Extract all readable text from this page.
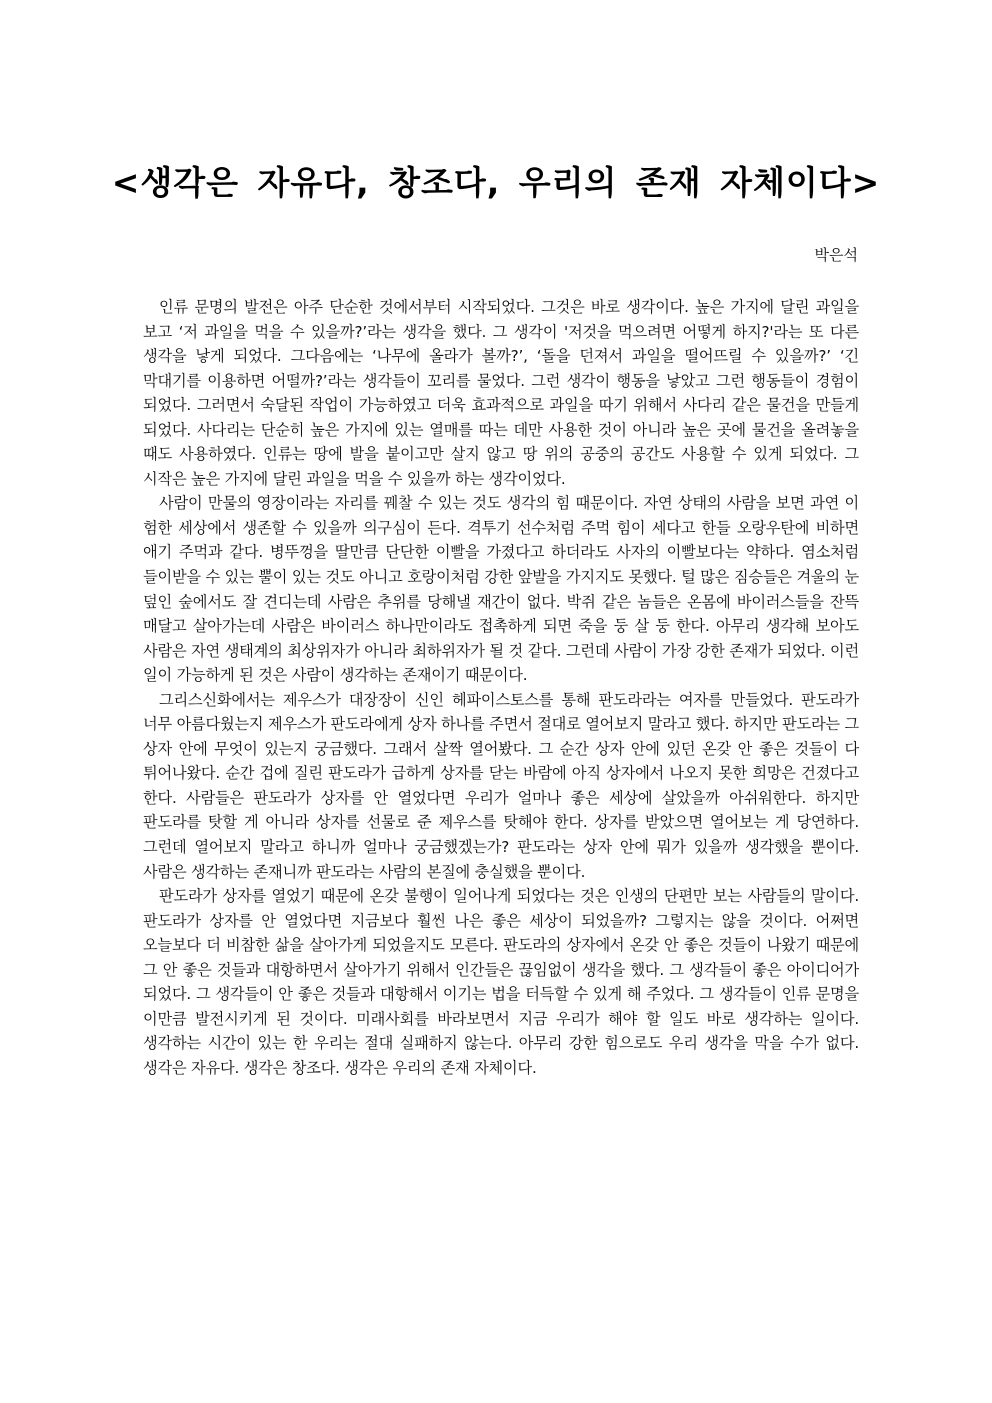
<생각은 자유다, 창조다, 우리의 존재 자체이다>
박은석

인류 문명의 발전은 아주 단순한 것에서부터 시작되었다. 그것은 바로 생각이다. 높은 가지에 달린 과일을 보고 ‘저 과일을 먹을 수 있을까?’라는 생각을 했다. 그 생각이 '저것을 먹으려면 어떻게 하지?'라는 또 다른 생각을 낳게 되었다. 그다음에는 ‘나무에 올라가 볼까?’, ‘돌을 던져서 과일을 떨어뜨릴 수 있을까?’ ‘긴 막대기를 이용하면 어떨까?’라는 생각들이 꼬리를 물었다. 그런 생각이 행동을 낳았고 그런 행동들이 경험이 되었다. 그러면서 숙달된 작업이 가능하였고 더욱 효과적으로 과일을 따기 위해서 사다리 같은 물건을 만들게 되었다. 사다리는 단순히 높은 가지에 있는 열매를 따는 데만 사용한 것이 아니라 높은 곳에 물건을 올려놓을 때도 사용하였다. 인류는 땅에 발을 붙이고만 살지 않고 땅 위의 공중의 공간도 사용할 수 있게 되었다. 그 시작은 높은 가지에 달린 과일을 먹을 수 있을까 하는 생각이었다.

사람이 만물의 영장이라는 자리를 꿰찰 수 있는 것도 생각의 힘 때문이다. 자연 상태의 사람을 보면 과연 이 험한 세상에서 생존할 수 있을까 의구심이 든다. 격투기 선수처럼 주먹 힘이 세다고 한들 오랑우탄에 비하면 애기 주먹과 같다. 병뚜껑을 딸만큼 단단한 이빨을 가졌다고 하더라도 사자의 이빨보다는 약하다. 염소처럼 들이받을 수 있는 뿔이 있는 것도 아니고 호랑이처럼 강한 앞발을 가지지도 못했다. 털 많은 짐승들은 겨울의 눈 덮인 숲에서도 잘 견디는데 사람은 추위를 당해낼 재간이 없다. 박쥐 같은 놈들은 온몸에 바이러스들을 잔뜩 매달고 살아가는데 사람은 바이러스 하나만이라도 접촉하게 되면 죽을 둥 살 둥 한다. 아무리 생각해 보아도 사람은 자연 생태계의 최상위자가 아니라 최하위자가 될 것 같다. 그런데 사람이 가장 강한 존재가 되었다. 이런 일이 가능하게 된 것은 사람이 생각하는 존재이기 때문이다.

그리스신화에서는 제우스가 대장장이 신인 헤파이스토스를 통해 판도라라는 여자를 만들었다. 판도라가 너무 아름다웠는지 제우스가 판도라에게 상자 하나를 주면서 절대로 열어보지 말라고 했다. 하지만 판도라는 그 상자 안에 무엇이 있는지 궁금했다. 그래서 살짝 열어봤다. 그 순간 상자 안에 있던 온갖 안 좋은 것들이 다 튀어나왔다. 순간 겁에 질린 판도라가 급하게 상자를 닫는 바람에 아직 상자에서 나오지 못한 희망은 건졌다고 한다. 사람들은 판도라가 상자를 안 열었다면 우리가 얼마나 좋은 세상에 살았을까 아쉬워한다. 하지만 판도라를 탓할 게 아니라 상자를 선물로 준 제우스를 탓해야 한다. 상자를 받았으면 열어보는 게 당연하다. 그런데 열어보지 말라고 하니까 얼마나 궁금했겠는가? 판도라는 상자 안에 뭐가 있을까 생각했을 뿐이다. 사람은 생각하는 존재니까 판도라는 사람의 본질에 충실했을 뿐이다.

판도라가 상자를 열었기 때문에 온갖 불행이 일어나게 되었다는 것은 인생의 단편만 보는 사람들의 말이다. 판도라가 상자를 안 열었다면 지금보다 훨씬 나은 좋은 세상이 되었을까? 그렇지는 않을 것이다. 어쩌면 오늘보다 더 비참한 삶을 살아가게 되었을지도 모른다. 판도라의 상자에서 온갖 안 좋은 것들이 나왔기 때문에 그 안 좋은 것들과 대항하면서 살아가기 위해서 인간들은 끊임없이 생각을 했다. 그 생각들이 좋은 아이디어가 되었다. 그 생각들이 안 좋은 것들과 대항해서 이기는 법을 터득할 수 있게 해 주었다. 그 생각들이 인류 문명을 이만큼 발전시키게 된 것이다. 미래사회를 바라보면서 지금 우리가 해야 할 일도 바로 생각하는 일이다. 생각하는 시간이 있는 한 우리는 절대 실패하지 않는다. 아무리 강한 힘으로도 우리 생각을 막을 수가 없다. 생각은 자유다. 생각은 창조다. 생각은 우리의 존재 자체이다.
